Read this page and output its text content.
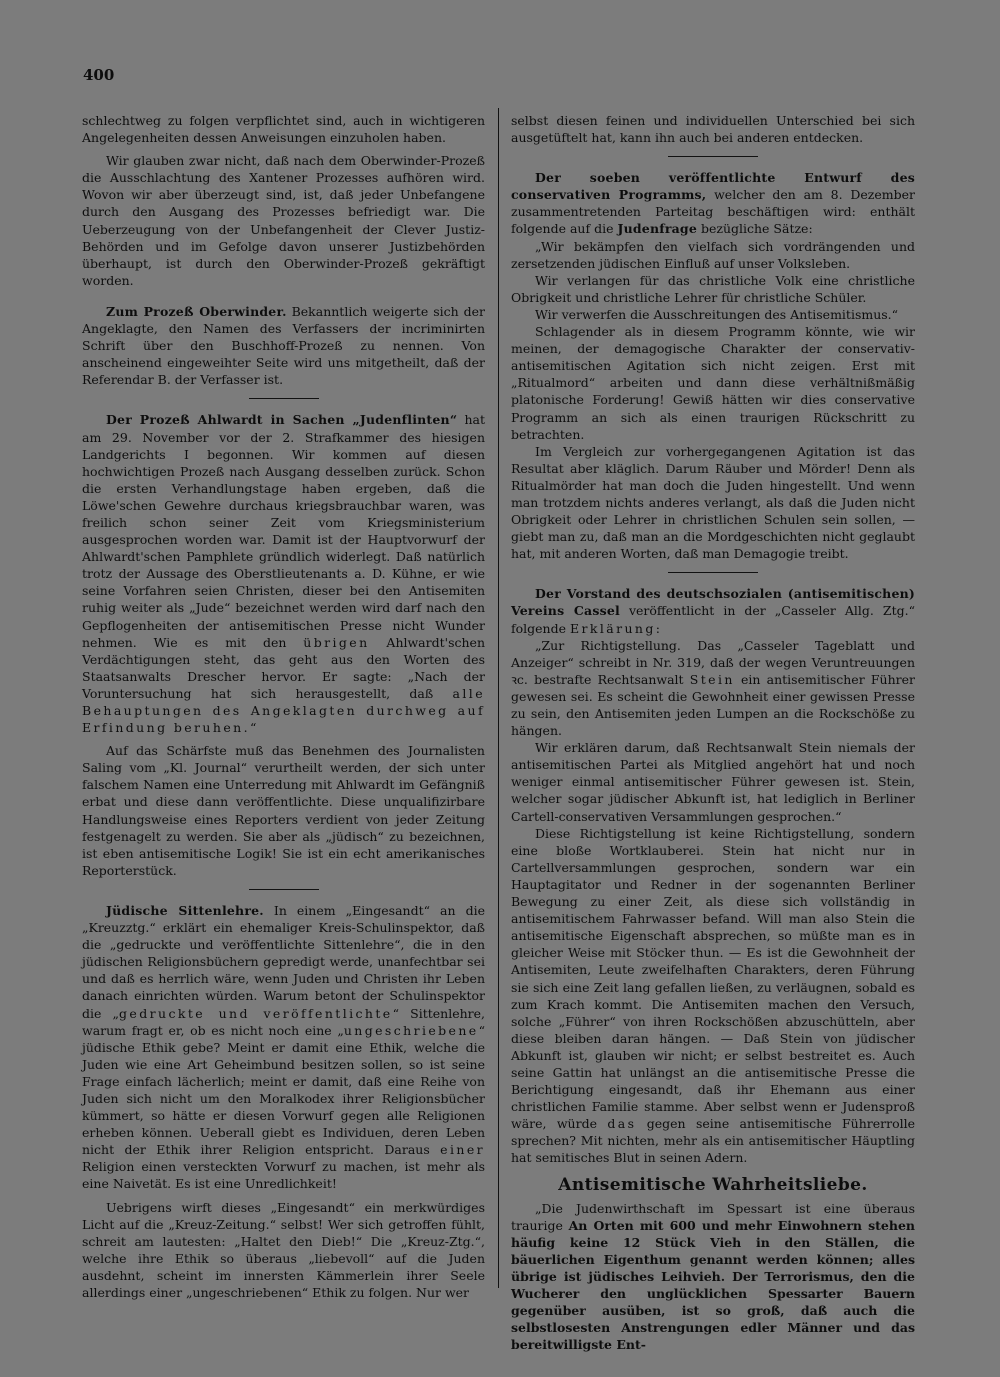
400

schlechtweg zu folgen verpflichtet sind, auch in wichtigeren Angelegenheiten dessen Anweisungen einzuholen haben.

Wir glauben zwar nicht, daß nach dem Oberwinder-Prozeß die Ausschlachtung des Xantener Prozesses aufhören wird. Wovon wir aber überzeugt sind, ist, daß jeder Unbefangene durch den Ausgang des Prozesses befriedigt war. Die Ueberzeugung von der Unbefangenheit der Clever Justiz-Behörden und im Gefolge davon unserer Justizbehörden überhaupt, ist durch den Oberwinder-Prozeß gekräftigt worden.

Zum Prozeß Oberwinder. Bekanntlich weigerte sich der Angeklagte, den Namen des Verfassers der incriminirten Schrift über den Buschhoff-Prozeß zu nennen. Von anscheinend eingeweihter Seite wird uns mitgetheilt, daß der Referendar B. der Verfasser ist.

Der Prozeß Ahlwardt in Sachen „Judenflinten“ hat am 29. November vor der 2. Strafkammer des hiesigen Landgerichts I begonnen. Wir kommen auf diesen hochwichtigen Prozeß nach Ausgang desselben zurück. Schon die ersten Verhandlungstage haben ergeben, daß die Löwe'schen Gewehre durchaus kriegsbrauchbar waren, was freilich schon seiner Zeit vom Kriegsministerium ausgesprochen worden war. Damit ist der Hauptvorwurf der Ahlwardt'schen Pamphlete gründlich widerlegt. Daß natürlich trotz der Aussage des Oberstlieutenants a. D. Kühne, er wie seine Vorfahren seien Christen, dieser bei den Antisemiten ruhig weiter als „Jude“ bezeichnet werden wird darf nach den Gepflogenheiten der antisemitischen Presse nicht Wunder nehmen. Wie es mit den übrigen Ahlwardt'schen Verdächtigungen steht, das geht aus den Worten des Staatsanwalts Drescher hervor. Er sagte: „Nach der Voruntersuchung hat sich herausgestellt, daß alle Behauptungen des Angeklagten durchweg auf Erfindung beruhen.“

Auf das Schärfste muß das Benehmen des Journalisten Saling vom „Kl. Journal“ verurtheilt werden, der sich unter falschem Namen eine Unterredung mit Ahlwardt im Gefängniß erbat und diese dann veröffentlichte. Diese unqualifizirbare Handlungsweise eines Reporters verdient von jeder Zeitung festgenagelt zu werden. Sie aber als „jüdisch“ zu bezeichnen, ist eben antisemitische Logik! Sie ist ein echt amerikanisches Reporterstück.

Jüdische Sittenlehre. In einem „Eingesandt“ an die „Kreuzztg.“ erklärt ein ehemaliger Kreis-Schulinspektor, daß die „gedruckte und veröffentlichte Sittenlehre“, die in den jüdischen Religionsbüchern gepredigt werde, unanfechtbar sei und daß es herrlich wäre, wenn Juden und Christen ihr Leben danach einrichten würden. Warum betont der Schulinspektor die „gedruckte und veröffentlichte“ Sittenlehre, warum fragt er, ob es nicht noch eine „ungeschriebene“ jüdische Ethik gebe? Meint er damit eine Ethik, welche die Juden wie eine Art Geheimbund besitzen sollen, so ist seine Frage einfach lächerlich; meint er damit, daß eine Reihe von Juden sich nicht um den Moralkodex ihrer Religionsbücher kümmert, so hätte er diesen Vorwurf gegen alle Religionen erheben können. Ueberall giebt es Individuen, deren Leben nicht der Ethik ihrer Religion entspricht. Daraus einer Religion einen versteckten Vorwurf zu machen, ist mehr als eine Naivetät. Es ist eine Unredlichkeit!

Uebrigens wirft dieses „Eingesandt“ ein merkwürdiges Licht auf die „Kreuz-Zeitung.“ selbst! Wer sich getroffen fühlt, schreit am lautesten: „Haltet den Dieb!“ Die „Kreuz-Ztg.“, welche ihre Ethik so überaus „liebevoll“ auf die Juden ausdehnt, scheint im innersten Kämmerlein ihrer Seele allerdings einer „ungeschriebenen“ Ethik zu folgen. Nur wer

selbst diesen feinen und individuellen Unterschied bei sich ausgetüftelt hat, kann ihn auch bei anderen entdecken.

Der soeben veröffentlichte Entwurf des conservativen Programms, welcher den am 8. Dezember zusammentretenden Parteitag beschäftigen wird: enthält folgende auf die Judenfrage bezügliche Sätze:

„Wir bekämpfen den vielfach sich vordrängenden und zersetzenden jüdischen Einfluß auf unser Volksleben.

Wir verlangen für das christliche Volk eine christliche Obrigkeit und christliche Lehrer für christliche Schüler.

Wir verwerfen die Ausschreitungen des Antisemitismus.“

Schlagender als in diesem Programm könnte, wie wir meinen, der demagogische Charakter der conservativ-antisemitischen Agitation sich nicht zeigen. Erst mit „Ritualmord“ arbeiten und dann diese verhältnißmäßig platonische Forderung! Gewiß hätten wir dies conservative Programm an sich als einen traurigen Rückschritt zu betrachten.

Im Vergleich zur vorhergegangenen Agitation ist das Resultat aber kläglich. Darum Räuber und Mörder! Denn als Ritualmörder hat man doch die Juden hingestellt. Und wenn man trotzdem nichts anderes verlangt, als daß die Juden nicht Obrigkeit oder Lehrer in christlichen Schulen sein sollen, — giebt man zu, daß man an die Mordgeschichten nicht geglaubt hat, mit anderen Worten, daß man Demagogie treibt.

Der Vorstand des deutschsozialen (antisemitischen) Vereins Cassel veröffentlicht in der „Casseler Allg. Ztg.“ folgende Erklärung:

„Zur Richtigstellung. Das „Casseler Tageblatt und Anzeiger“ schreibt in Nr. 319, daß der wegen Veruntreuungen ꝛc. bestrafte Rechtsanwalt Stein ein antisemitischer Führer gewesen sei. Es scheint die Gewohnheit einer gewissen Presse zu sein, den Antisemiten jeden Lumpen an die Rockschöße zu hängen.

Wir erklären darum, daß Rechtsanwalt Stein niemals der antisemitischen Partei als Mitglied angehört hat und noch weniger einmal antisemitischer Führer gewesen ist. Stein, welcher sogar jüdischer Abkunft ist, hat lediglich in Berliner Cartell-conservativen Versammlungen gesprochen.“

Diese Richtigstellung ist keine Richtigstellung, sondern eine bloße Wortklauberei. Stein hat nicht nur in Cartellversammlungen gesprochen, sondern war ein Hauptagitator und Redner in der sogenannten Berliner Bewegung zu einer Zeit, als diese sich vollständig in antisemitischem Fahrwasser befand. Will man also Stein die antisemitische Eigenschaft absprechen, so müßte man es in gleicher Weise mit Stöcker thun. — Es ist die Gewohnheit der Antisemiten, Leute zweifelhaften Charakters, deren Führung sie sich eine Zeit lang gefallen ließen, zu verläugnen, sobald es zum Krach kommt. Die Antisemiten machen den Versuch, solche „Führer“ von ihren Rockschößen abzuschütteln, aber diese bleiben daran hängen. — Daß Stein von jüdischer Abkunft ist, glauben wir nicht; er selbst bestreitet es. Auch seine Gattin hat unlängst an die antisemitische Presse die Berichtigung eingesandt, daß ihr Ehemann aus einer christlichen Familie stamme. Aber selbst wenn er Judensproß wäre, würde das gegen seine antisemitische Führerrolle sprechen? Mit nichten, mehr als ein antisemitischer Häuptling hat semitisches Blut in seinen Adern.

Antisemitische Wahrheitsliebe.

„Die Judenwirthschaft im Spessart ist eine überaus traurige An Orten mit 600 und mehr Einwohnern stehen häufig keine 12 Stück Vieh in den Ställen, die bäuerlichen Eigenthum genannt werden können; alles übrige ist jüdisches Leihvieh. Der Terrorismus, den die Wucherer den unglücklichen Spessarter Bauern gegenüber ausüben, ist so groß, daß auch die selbstlosesten Anstrengungen edler Männer und das bereitwilligste Ent-
